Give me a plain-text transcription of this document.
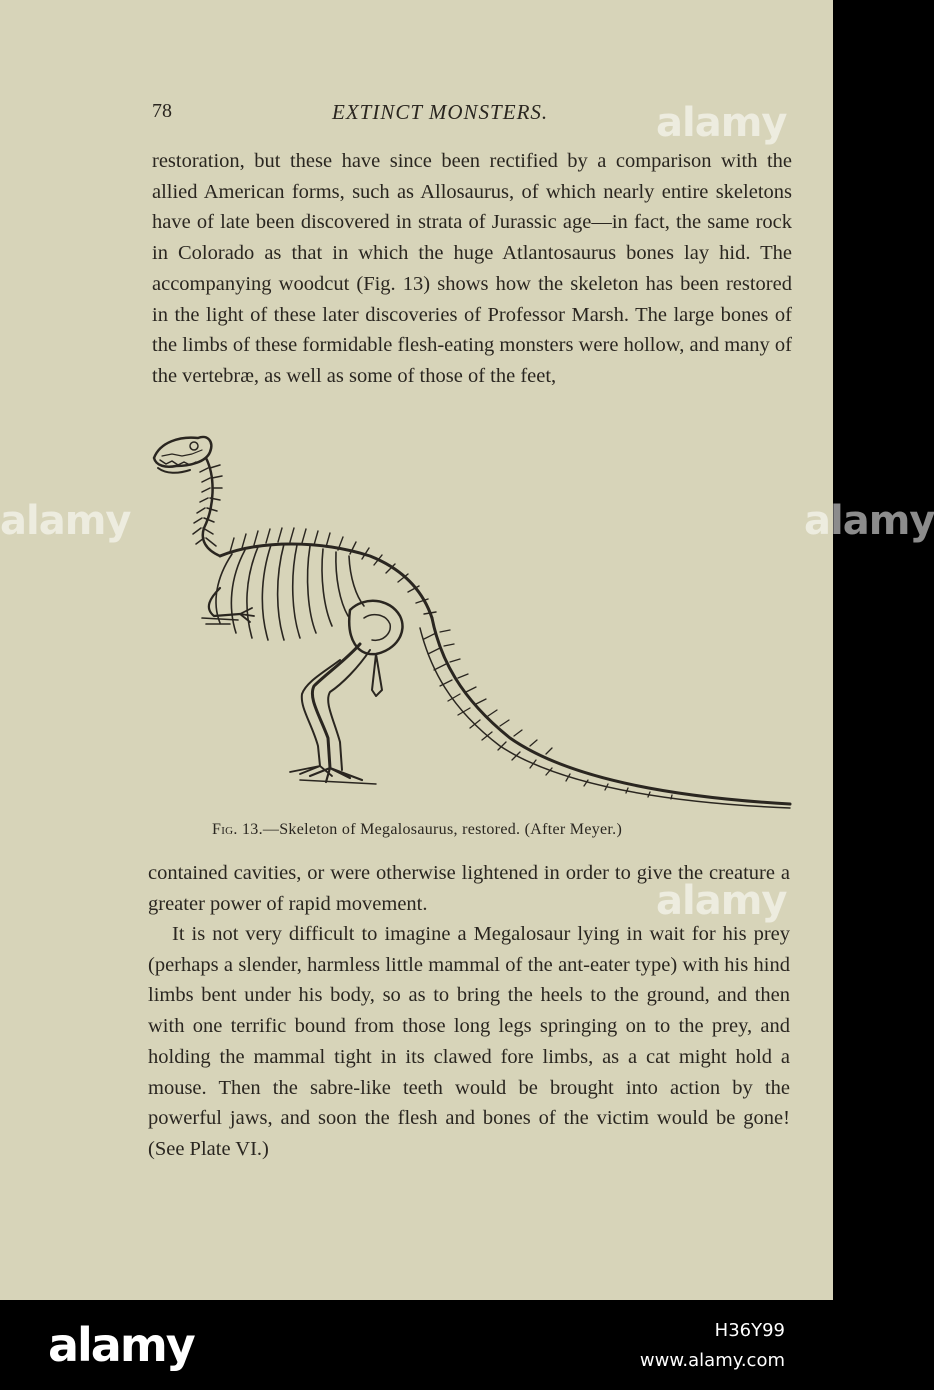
78	EXTINCT MONSTERS.

restoration, but these have since been rectified by a comparison with the allied American forms, such as Allosaurus, of which nearly entire skeletons have of late been discovered in strata of Jurassic age—in fact, the same rock in Colorado as that in which the huge Atlantosaurus bones lay hid. The accompanying woodcut (Fig. 13) shows how the skeleton has been restored in the light of these later discoveries of Professor Marsh. The large bones of the limbs of these formidable flesh-eating monsters were hollow, and many of the vertebræ, as well as some of those of the feet,

Fig. 13.—Skeleton of Megalosaurus, restored. (After Meyer.)

contained cavities, or were otherwise lightened in order to give the creature a greater power of rapid movement.

It is not very difficult to imagine a Megalosaur lying in wait for his prey (perhaps a slender, harmless little mammal of the ant-eater type) with his hind limbs bent under his body, so as to bring the heels to the ground, and then with one terrific bound from those long legs springing on to the prey, and holding the mammal tight in its clawed fore limbs, as a cat might hold a mouse. Then the sabre-like teeth would be brought into action by the powerful jaws, and soon the flesh and bones of the victim would be gone! (See Plate VI.)

alamy
alamy
alamy	alamy
alamy	H36Y99
www.alamy.com
